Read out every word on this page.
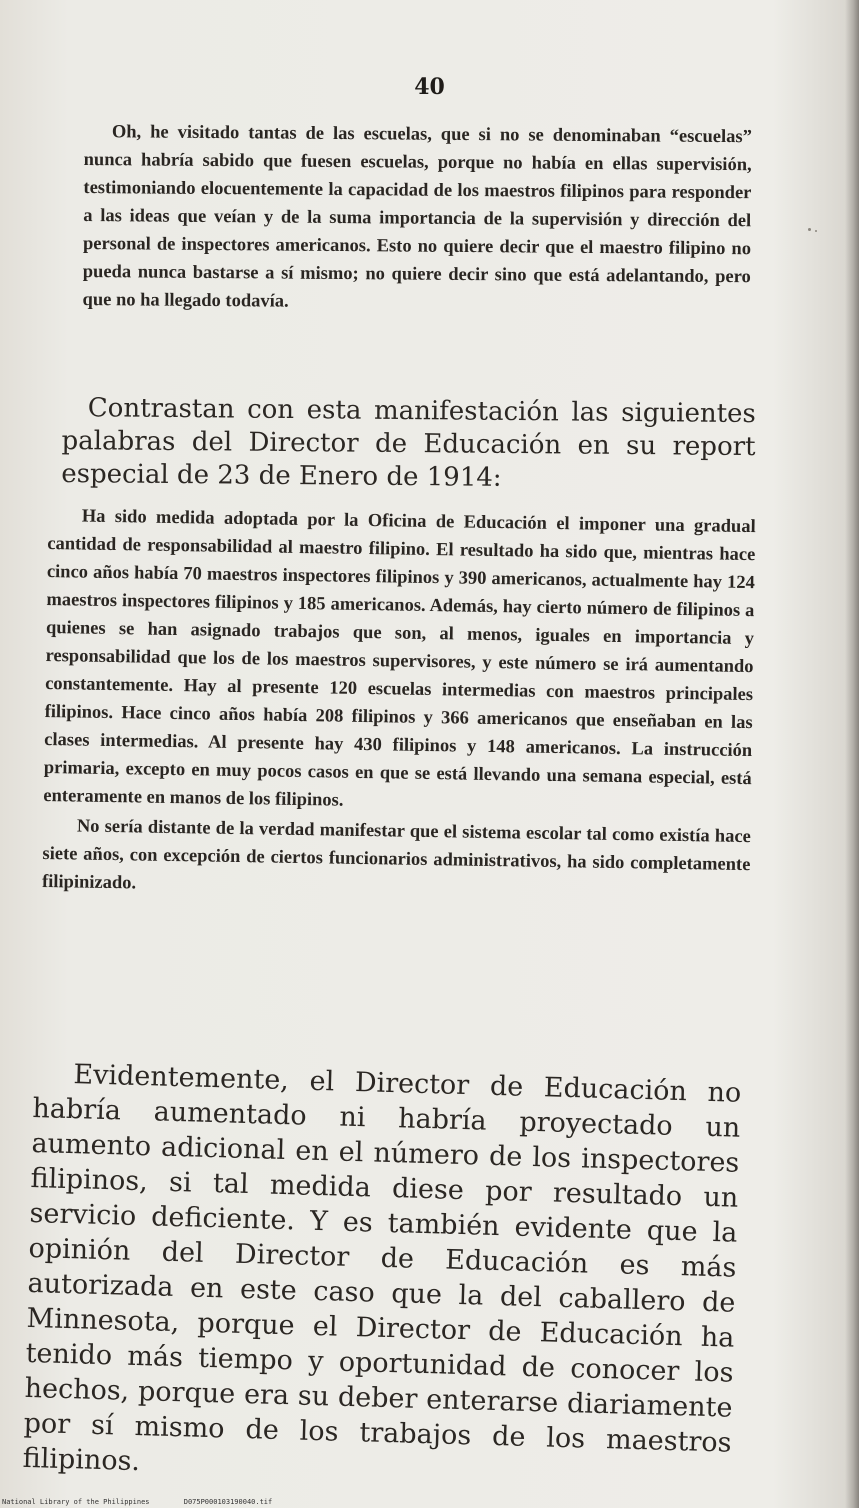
40

Oh, he visitado tantas de las escuelas, que si no se denominaban “escuelas” nunca habría sabido que fuesen escuelas, porque no había en ellas supervisión, testimoniando elocuentemente la capacidad de los maestros filipinos para responder a las ideas que veían y de la suma importancia de la supervisión y dirección del personal de inspectores americanos. Esto no quiere decir que el maestro filipino no pueda nunca bastarse a sí mismo; no quiere decir sino que está adelantando, pero que no ha llegado todavía.

Contrastan con esta manifestación las siguientes palabras del Director de Educación en su report especial de 23 de Enero de 1914:

Ha sido medida adoptada por la Oficina de Educación el imponer una gradual cantidad de responsabilidad al maestro filipino. El resultado ha sido que, mientras hace cinco años había 70 maestros inspectores filipinos y 390 americanos, actualmente hay 124 maestros inspectores filipinos y 185 americanos. Además, hay cierto número de filipinos a quienes se han asignado trabajos que son, al menos, iguales en importancia y responsabilidad que los de los maestros supervisores, y este número se irá aumentando constantemente. Hay al presente 120 escuelas intermedias con maestros principales filipinos. Hace cinco años había 208 filipinos y 366 americanos que enseñaban en las clases intermedias. Al presente hay 430 filipinos y 148 americanos. La instrucción primaria, excepto en muy pocos casos en que se está llevando una semana especial, está enteramente en manos de los filipinos.

No sería distante de la verdad manifestar que el sistema escolar tal como existía hace siete años, con excepción de ciertos funcionarios administrativos, ha sido completamente filipinizado.

Evidentemente, el Director de Educación no habría aumentado ni habría proyectado un aumento adicional en el número de los inspectores filipinos, si tal medida diese por resultado un servicio deficiente. Y es también evidente que la opinión del Director de Educación es más autorizada en este caso que la del caballero de Minnesota, porque el Director de Educación ha tenido más tiempo y oportunidad de conocer los hechos, porque era su deber enterarse diariamente por sí mismo de los trabajos de los maestros filipinos.

National Library of the Philippines	D075P000103190040.tif
